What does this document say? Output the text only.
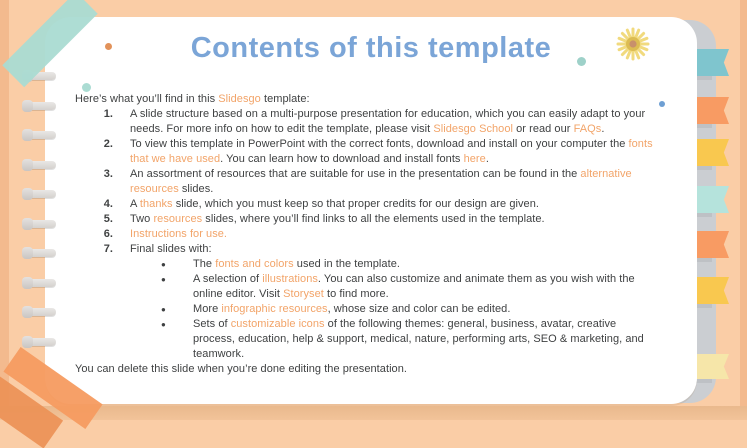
Contents of this template
Here’s what you’ll find in this Slidesgo template:
1. A slide structure based on a multi-purpose presentation for education, which you can easily adapt to your needs. For more info on how to edit the template, please visit Slidesgo School or read our FAQs.
2. To view this template in PowerPoint with the correct fonts, download and install on your computer the fonts that we have used. You can learn how to download and install fonts here.
3. An assortment of resources that are suitable for use in the presentation can be found in the alternative resources slides.
4. A thanks slide, which you must keep so that proper credits for our design are given.
5. Two resources slides, where you’ll find links to all the elements used in the template.
6. Instructions for use.
7. Final slides with:
●	The fonts and colors used in the template.
●	A selection of illustrations. You can also customize and animate them as you wish with the online editor. Visit Storyset to find more.
●	More infographic resources, whose size and color can be edited.
●	Sets of customizable icons of the following themes: general, business, avatar, creative process, education, help & support, medical, nature, performing arts, SEO & marketing, and teamwork.
You can delete this slide when you’re done editing the presentation.
